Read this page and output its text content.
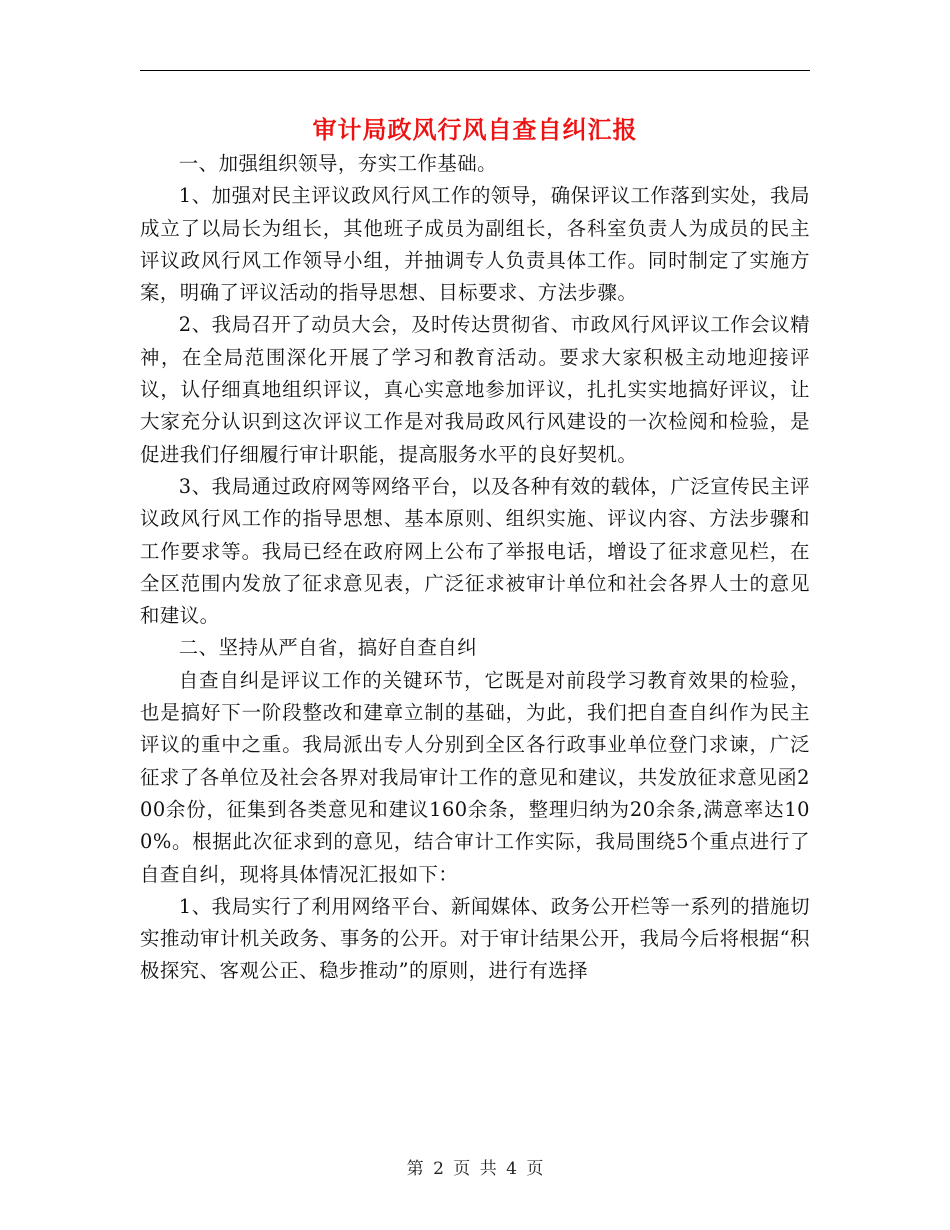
审计局政风行风自查自纠汇报

一、加强组织领导，夯实工作基础。

1、加强对民主评议政风行风工作的领导，确保评议工作落到实处，我局成立了以局长为组长，其他班子成员为副组长，各科室负责人为成员的民主评议政风行风工作领导小组，并抽调专人负责具体工作。同时制定了实施方案，明确了评议活动的指导思想、目标要求、方法步骤。

2、我局召开了动员大会，及时传达贯彻省、市政风行风评议工作会议精神，在全局范围深化开展了学习和教育活动。要求大家积极主动地迎接评议，认仔细真地组织评议，真心实意地参加评议，扎扎实实地搞好评议，让大家充分认识到这次评议工作是对我局政风行风建设的一次检阅和检验，是促进我们仔细履行审计职能，提高服务水平的良好契机。

3、我局通过政府网等网络平台，以及各种有效的载体，广泛宣传民主评议政风行风工作的指导思想、基本原则、组织实施、评议内容、方法步骤和工作要求等。我局已经在政府网上公布了举报电话，增设了征求意见栏，在全区范围内发放了征求意见表，广泛征求被审计单位和社会各界人士的意见和建议。

二、坚持从严自省，搞好自查自纠

自查自纠是评议工作的关键环节，它既是对前段学习教育效果的检验，也是搞好下一阶段整改和建章立制的基础，为此，我们把自查自纠作为民主评议的重中之重。我局派出专人分别到全区各行政事业单位登门求谏，广泛征求了各单位及社会各界对我局审计工作的意见和建议，共发放征求意见函200余份，征集到各类意见和建议160余条，整理归纳为20余条,满意率达100%。根据此次征求到的意见，结合审计工作实际，我局围绕5个重点进行了自查自纠，现将具体情况汇报如下：

1、我局实行了利用网络平台、新闻媒体、政务公开栏等一系列的措施切实推动审计机关政务、事务的公开。对于审计结果公开，我局今后将根据“积极探究、客观公正、稳步推动”的原则，进行有选择

第 2 页 共 4 页
